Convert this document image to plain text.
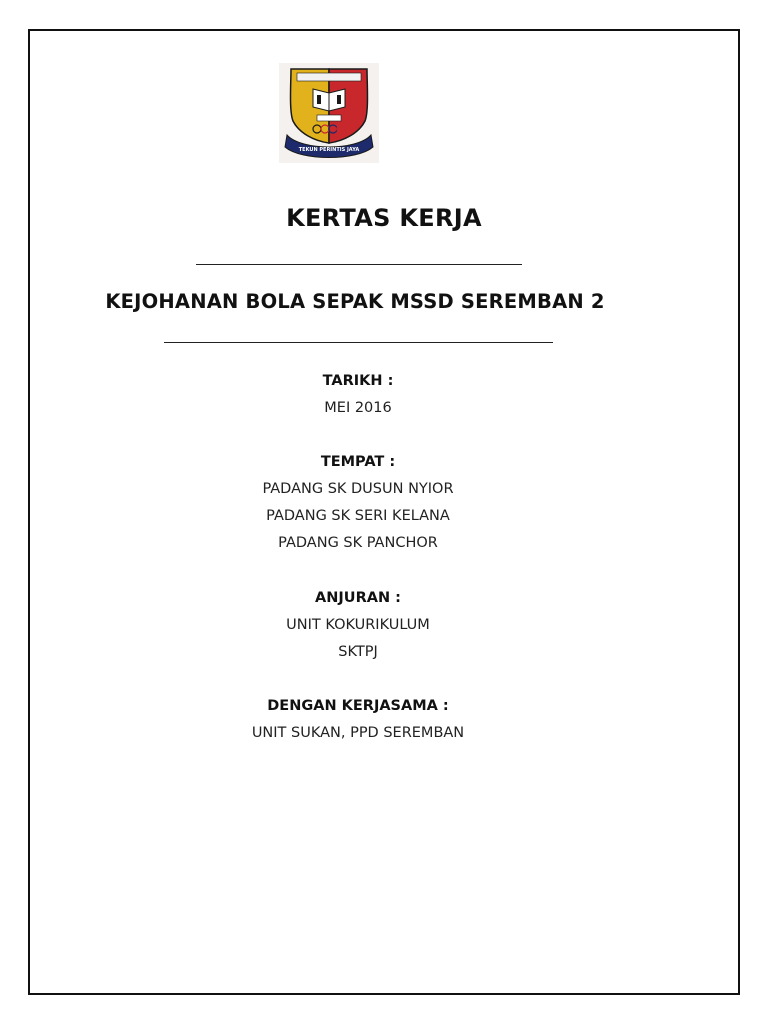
TEKUN PERINTIS JAYA
KERTAS KERJA
KEJOHANAN BOLA SEPAK MSSD SEREMBAN 2
TARIKH :
MEI 2016
TEMPAT :
PADANG SK DUSUN NYIOR
PADANG SK SERI KELANA
PADANG SK PANCHOR
ANJURAN :
UNIT KOKURIKULUM
SKTPJ
DENGAN KERJASAMA :
UNIT SUKAN, PPD SEREMBAN
